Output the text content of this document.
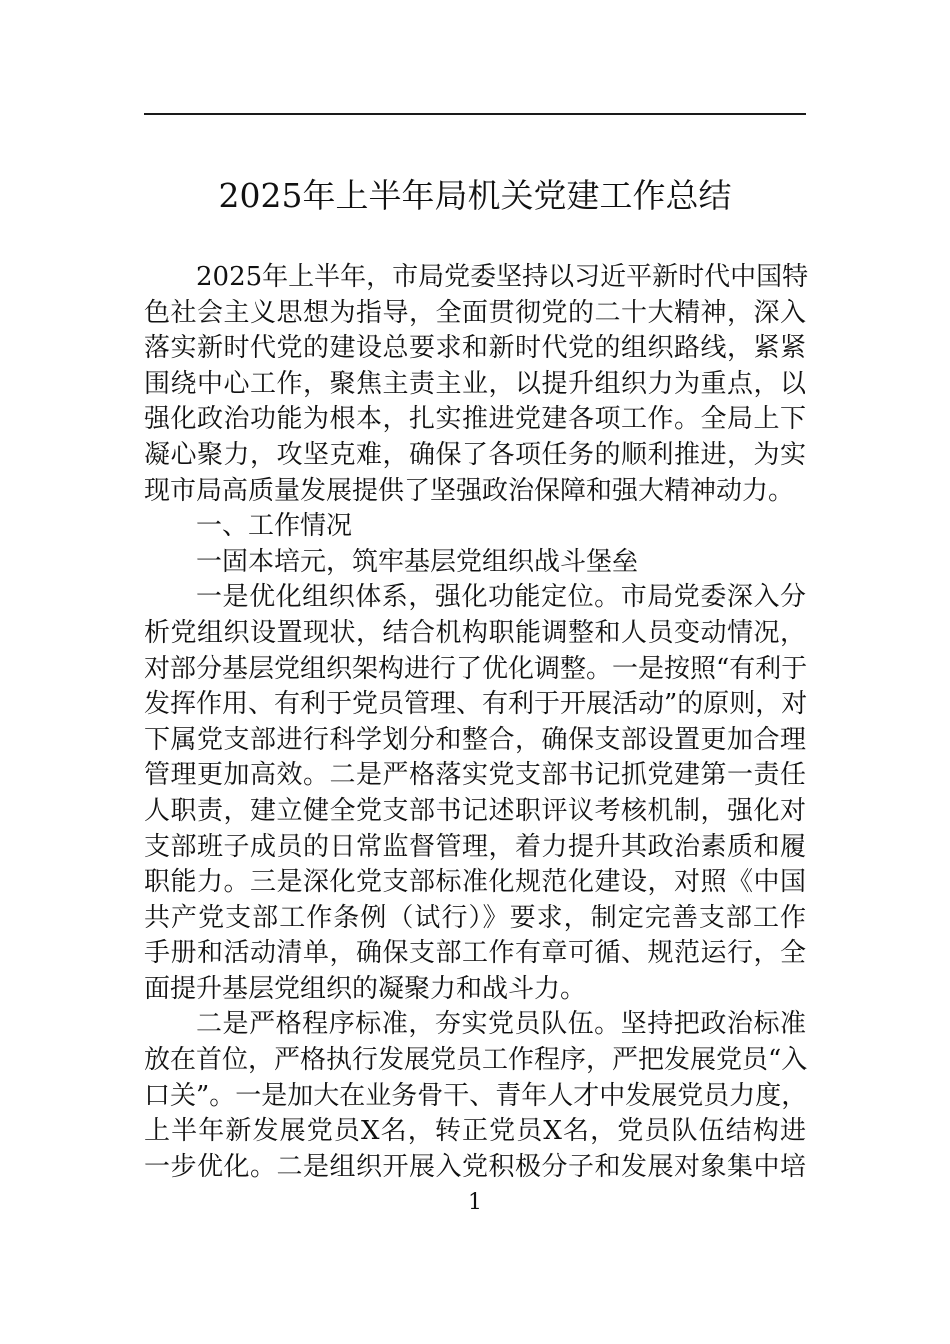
2025年上半年局机关党建工作总结
2025年上半年，市局党委坚持以习近平新时代中国特
色社会主义思想为指导，全面贯彻党的二十大精神，深入
落实新时代党的建设总要求和新时代党的组织路线，紧紧
围绕中心工作，聚焦主责主业，以提升组织力为重点，以
强化政治功能为根本，扎实推进党建各项工作。全局上下
凝心聚力，攻坚克难，确保了各项任务的顺利推进，为实
现市局高质量发展提供了坚强政治保障和强大精神动力。
一、工作情况
一固本培元，筑牢基层党组织战斗堡垒
一是优化组织体系，强化功能定位。市局党委深入分
析党组织设置现状，结合机构职能调整和人员变动情况，
对部分基层党组织架构进行了优化调整。一是按照“有利于
发挥作用、有利于党员管理、有利于开展活动”的原则，对
下属党支部进行科学划分和整合，确保支部设置更加合理
管理更加高效。二是严格落实党支部书记抓党建第一责任
人职责，建立健全党支部书记述职评议考核机制，强化对
支部班子成员的日常监督管理，着力提升其政治素质和履
职能力。三是深化党支部标准化规范化建设，对照《中国
共产党支部工作条例（试行）》要求，制定完善支部工作
手册和活动清单，确保支部工作有章可循、规范运行，全
面提升基层党组织的凝聚力和战斗力。
二是严格程序标准，夯实党员队伍。坚持把政治标准
放在首位，严格执行发展党员工作程序，严把发展党员“入
口关”。一是加大在业务骨干、青年人才中发展党员力度，
上半年新发展党员X名，转正党员X名，党员队伍结构进
一步优化。二是组织开展入党积极分子和发展对象集中培
1
